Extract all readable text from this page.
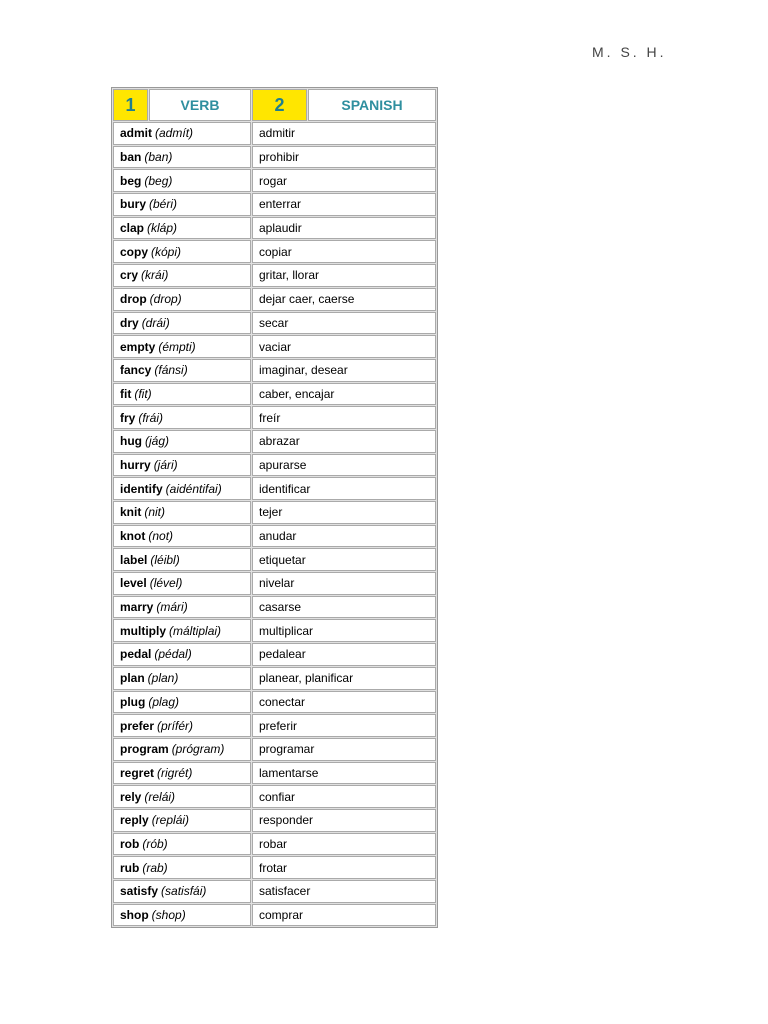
M. S. H.
1	VERB	2	SPANISH
admit (admít)	admitir
ban (ban)	prohibir
beg (beg)	rogar
bury (béri)	enterrar
clap (kláp)	aplaudir
copy (kópi)	copiar
cry (krái)	gritar, llorar
drop (drop)	dejar caer, caerse
dry (drái)	secar
empty (émpti)	vaciar
fancy (fánsi)	imaginar, desear
fit (fit)	caber, encajar
fry (frái)	freír
hug (jág)	abrazar
hurry (jári)	apurarse
identify (aidéntifai)	identificar
knit (nit)	tejer
knot (not)	anudar
label (léibl)	etiquetar
level (lével)	nivelar
marry (mári)	casarse
multiply (máltiplai)	multiplicar
pedal (pédal)	pedalear
plan (plan)	planear, planificar
plug (plag)	conectar
prefer (prífér)	preferir
program (prógram)	programar
regret (rigrét)	lamentarse
rely (relái)	confiar
reply (replái)	responder
rob (rób)	robar
rub (rab)	frotar
satisfy (satisfái)	satisfacer
shop (shop)	comprar
